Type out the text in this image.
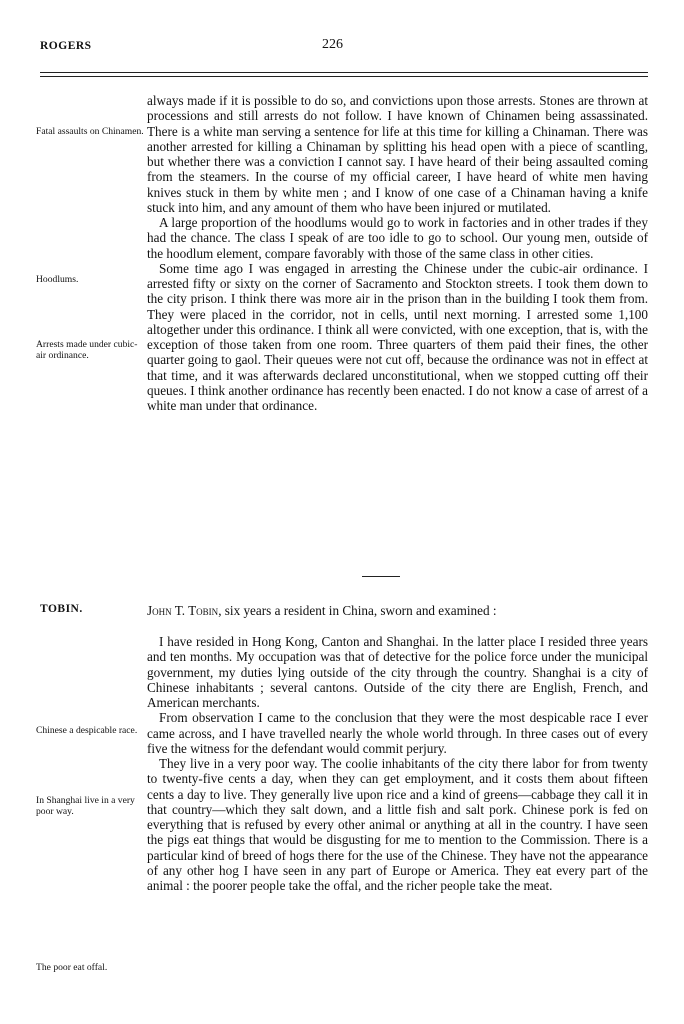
ROGERS	226

always made if it is possible to do so, and convictions upon those arrests. Stones are thrown at processions and still arrests do not follow. I have known of Chinamen being assassinated. There is a white man serving a sentence for life at this time for killing a Chinaman. There was another arrested for killing a Chinaman by splitting his head open with a piece of scantling, but whether there was a conviction I cannot say. I have heard of their being assaulted coming from the steamers. In the course of my official career, I have heard of white men having knives stuck in them by white men ; and I know of one case of a Chinaman having a knife stuck into him, and any amount of them who have been injured or mutilated.

A large proportion of the hoodlums would go to work in factories and in other trades if they had the chance. The class I speak of are too idle to go to school. Our young men, outside of the hoodlum element, compare favorably with those of the same class in other cities.

Some time ago I was engaged in arresting the Chinese under the cubic-air ordinance. I arrested fifty or sixty on the corner of Sacramento and Stockton streets. I took them down to the city prison. I think there was more air in the prison than in the building I took them from. They were placed in the corridor, not in cells, until next morning. I arrested some 1,100 altogether under this ordinance. I think all were convicted, with one exception, that is, with the exception of those taken from one room. Three quarters of them paid their fines, the other quarter going to gaol. Their queues were not cut off, because the ordinance was not in effect at that time, and it was afterwards declared unconstitutional, when we stopped cutting off their queues. I think another ordinance has recently been enacted. I do not know a case of arrest of a white man under that ordinance.

Fatal assaults on Chinamen.
Hoodlums.
Arrests made under cubic-air ordinance.
TOBIN.	John T. Tobin, six years a resident in China, sworn and examined :

I have resided in Hong Kong, Canton and Shanghai. In the latter place I resided three years and ten months. My occupation was that of detective for the police force under the municipal government, my duties lying outside of the city through the country. Shanghai is a city of Chinese inhabitants ; several cantons. Outside of the city there are English, French, and American merchants.

From observation I came to the conclusion that they were the most despicable race I ever came across, and I have travelled nearly the whole world through. In three cases out of every five the witness for the defendant would commit perjury.

They live in a very poor way. The coolie inhabitants of the city there labor for from twenty to twenty-five cents a day, when they can get employment, and it costs them about fifteen cents a day to live. They generally live upon rice and a kind of greens—cabbage they call it in that country—which they salt down, and a little fish and salt pork. Chinese pork is fed on everything that is refused by every other animal or anything at all in the country. I have seen the pigs eat things that would be disgusting for me to mention to the Commission. There is a particular kind of breed of hogs there for the use of the Chinese. They have not the appearance of any other hog I have seen in any part of Europe or America. They eat every part of the animal : the poorer people take the offal, and the richer people take the meat.

Chinese a despicable race.
In Shanghai live in a very poor way.
The poor eat offal.
